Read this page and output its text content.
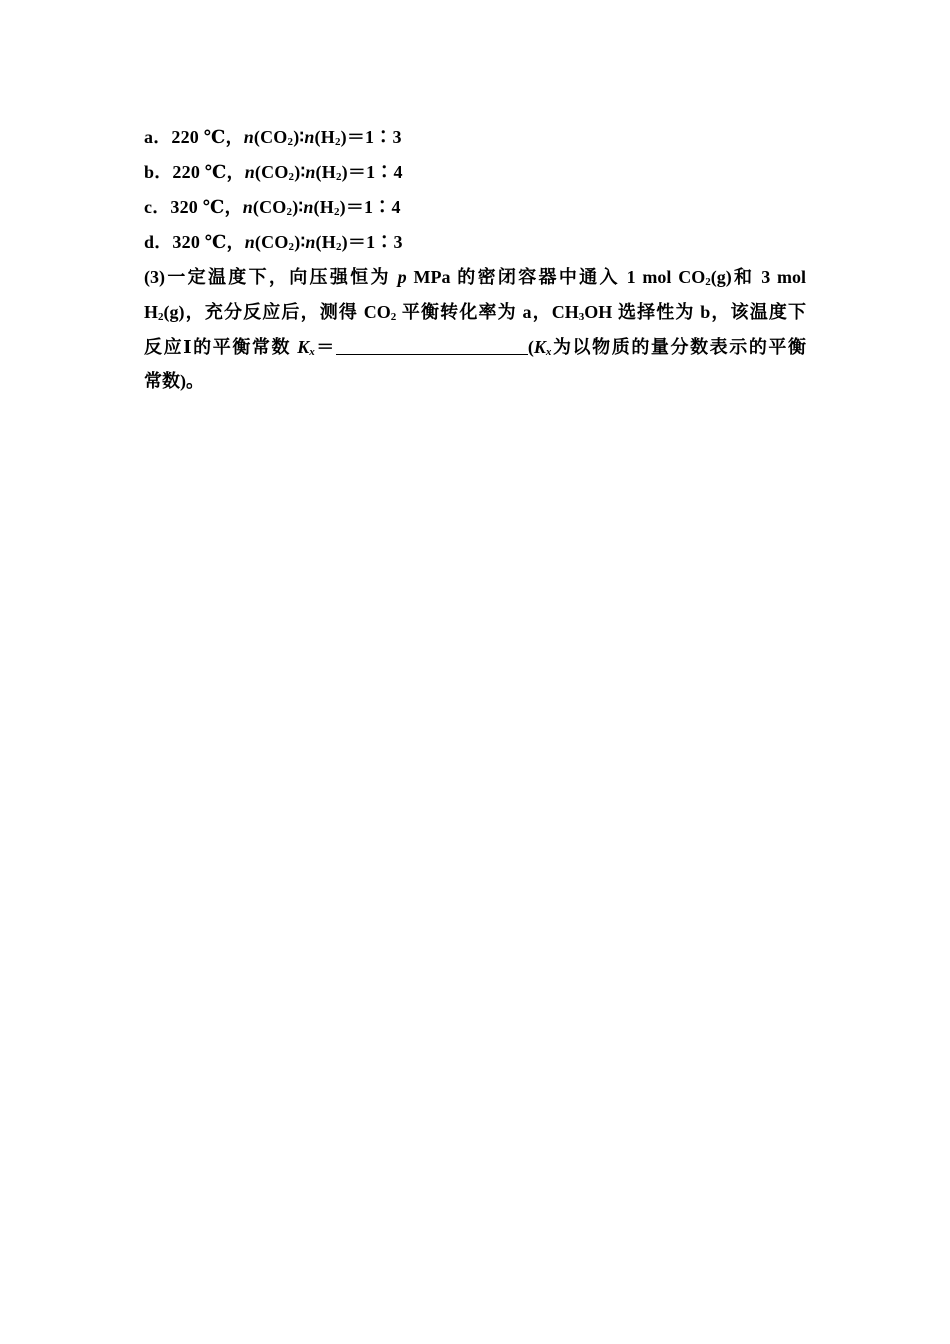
a．220 ℃，$n(CO_2)∶n(H_2)=1∶3$
b．220 ℃，$n(CO_2)∶n(H_2)=1∶4$
c．320 ℃，$n(CO_2)∶n(H_2)=1∶4$
d．320 ℃，$n(CO_2)∶n(H_2)=1∶3$
(3)一定温度下，向压强恒为 p MPa 的密闭容器中通入 1 mol $CO_2(g)$和 3 mol
$H_2(g)$，充分反应后，测得 $CO_2$ 平衡转化率为 a，$CH_3OH$ 选择性为 b，该温度下
反应Ⅰ的平衡常数 $K_x=$	($K_x$为以物质的量分数表示的平衡
常数)。
